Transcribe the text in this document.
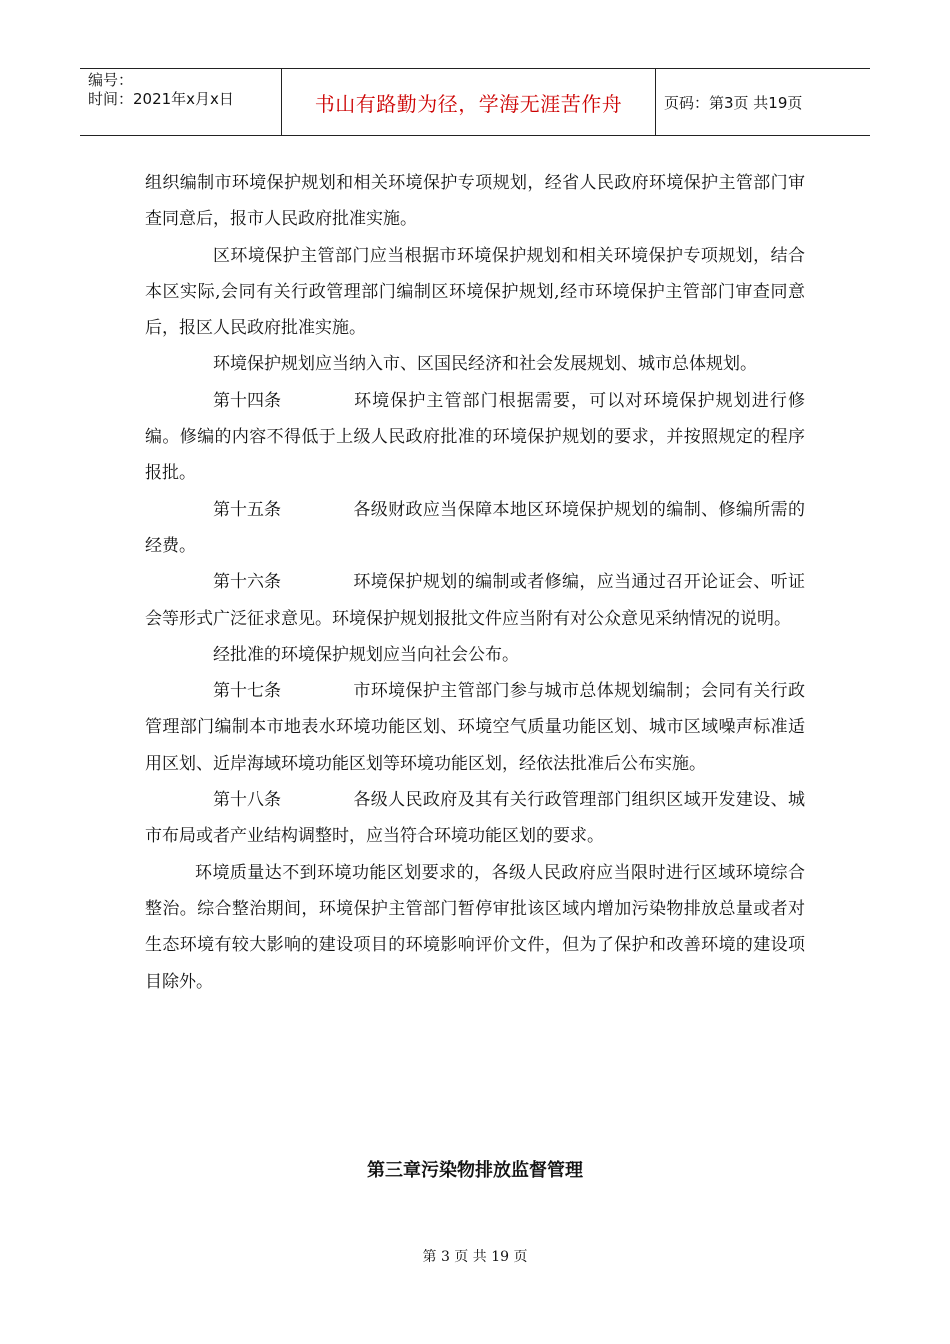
编号：
时间：2021年x月x日	书山有路勤为径，学海无涯苦作舟	页码：第3页 共19页

组织编制市环境保护规划和相关环境保护专项规划，经省人民政府环境保护主管部门审查同意后，报市人民政府批准实施。

区环境保护主管部门应当根据市环境保护规划和相关环境保护专项规划，结合本区实际,会同有关行政管理部门编制区环境保护规划,经市环境保护主管部门审查同意后，报区人民政府批准实施。

环境保护规划应当纳入市、区国民经济和社会发展规划、城市总体规划。

第十四条	环境保护主管部门根据需要，可以对环境保护规划进行修编。修编的内容不得低于上级人民政府批准的环境保护规划的要求，并按照规定的程序报批。

第十五条	各级财政应当保障本地区环境保护规划的编制、修编所需的经费。

第十六条	环境保护规划的编制或者修编，应当通过召开论证会、听证会等形式广泛征求意见。环境保护规划报批文件应当附有对公众意见采纳情况的说明。

经批准的环境保护规划应当向社会公布。

第十七条	市环境保护主管部门参与城市总体规划编制；会同有关行政管理部门编制本市地表水环境功能区划、环境空气质量功能区划、城市区域噪声标准适用区划、近岸海域环境功能区划等环境功能区划，经依法批准后公布实施。

第十八条	各级人民政府及其有关行政管理部门组织区域开发建设、城市布局或者产业结构调整时，应当符合环境功能区划的要求。

环境质量达不到环境功能区划要求的，各级人民政府应当限时进行区域环境综合整治。综合整治期间，环境保护主管部门暂停审批该区域内增加污染物排放总量或者对生态环境有较大影响的建设项目的环境影响评价文件，但为了保护和改善环境的建设项目除外。

第三章污染物排放监督管理
第 3 页 共 19 页
